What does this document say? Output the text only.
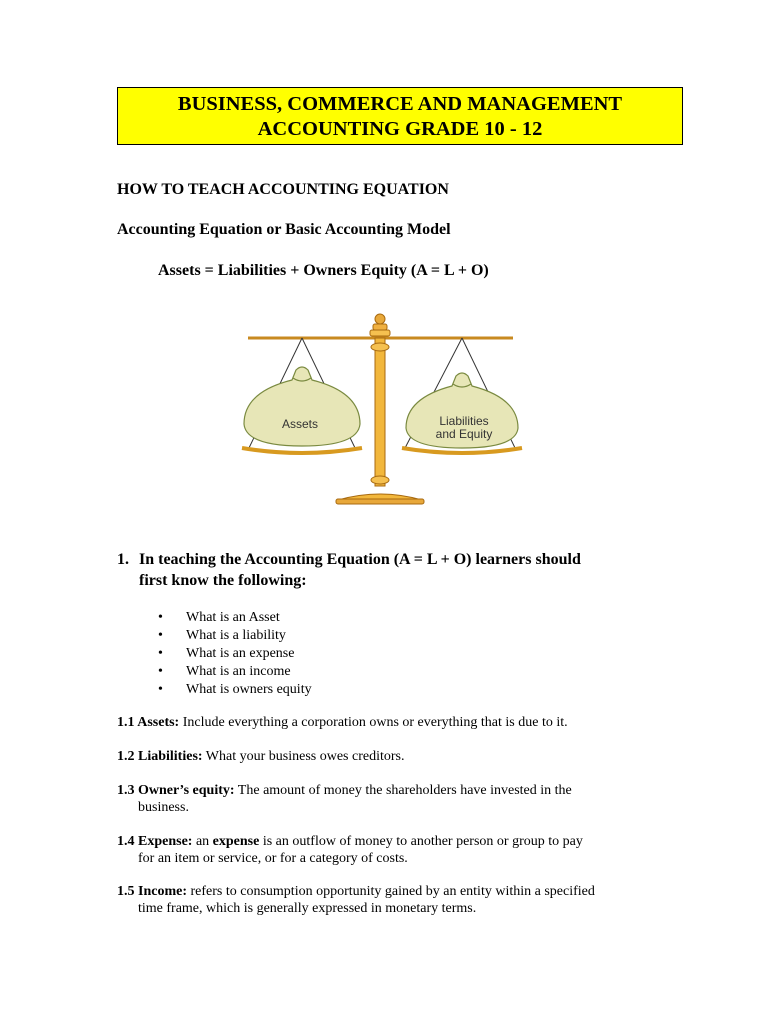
BUSINESS, COMMERCE AND MANAGEMENT
ACCOUNTING GRADE 10 - 12
HOW TO TEACH ACCOUNTING EQUATION
Accounting Equation or Basic Accounting Model
Assets = Liabilities + Owners Equity (A = L + O)
Assets	Liabilities
and Equity
1. In teaching the Accounting Equation (A = L + O) learners should
first know the following:
• What is an Asset
• What is a liability
• What is an expense
• What is an income
• What is owners equity
1.1 Assets: Include everything a corporation owns or everything that is due to it.
1.2 Liabilities: What your business owes creditors.
1.3 Owner’s equity: The amount of money the shareholders have invested in the
business.
1.4 Expense: an expense is an outflow of money to another person or group to pay
for an item or service, or for a category of costs.
1.5 Income: refers to consumption opportunity gained by an entity within a specified
time frame, which is generally expressed in monetary terms.
